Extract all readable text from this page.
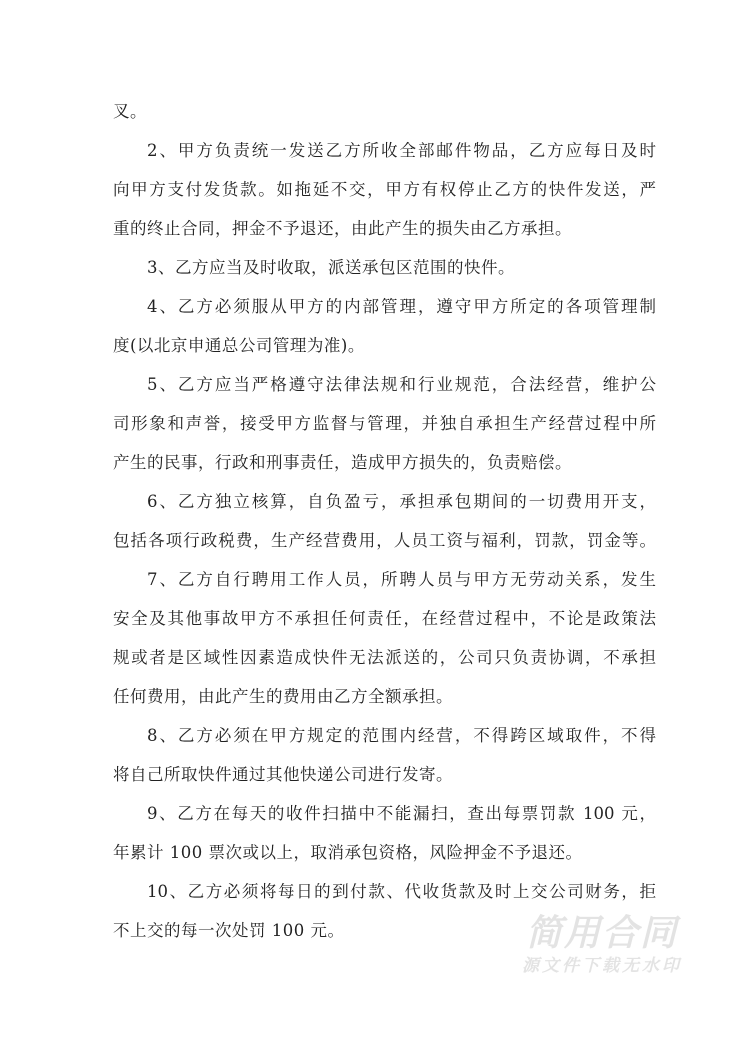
叉。
2、甲方负责统一发送乙方所收全部邮件物品，乙方应每日及时
向甲方支付发货款。如拖延不交，甲方有权停止乙方的快件发送，严
重的终止合同，押金不予退还，由此产生的损失由乙方承担。
3、乙方应当及时收取，派送承包区范围的快件。
4、乙方必须服从甲方的内部管理，遵守甲方所定的各项管理制
度(以北京申通总公司管理为准)。
5、乙方应当严格遵守法律法规和行业规范，合法经营，维护公
司形象和声誉，接受甲方监督与管理，并独自承担生产经营过程中所
产生的民事，行政和刑事责任，造成甲方损失的，负责赔偿。
6、乙方独立核算，自负盈亏，承担承包期间的一切费用开支，
包括各项行政税费，生产经营费用，人员工资与福利，罚款，罚金等。
7、乙方自行聘用工作人员，所聘人员与甲方无劳动关系，发生
安全及其他事故甲方不承担任何责任，在经营过程中，不论是政策法
规或者是区域性因素造成快件无法派送的，公司只负责协调，不承担
任何费用，由此产生的费用由乙方全额承担。
8、乙方必须在甲方规定的范围内经营，不得跨区域取件，不得
将自己所取快件通过其他快递公司进行发寄。
9、乙方在每天的收件扫描中不能漏扫，查出每票罚款 100 元，
年累计 100 票次或以上，取消承包资格，风险押金不予退还。
10、乙方必须将每日的到付款、代收货款及时上交公司财务，拒
不上交的每一次处罚 100 元。	简用合同
源文件下载无水印
